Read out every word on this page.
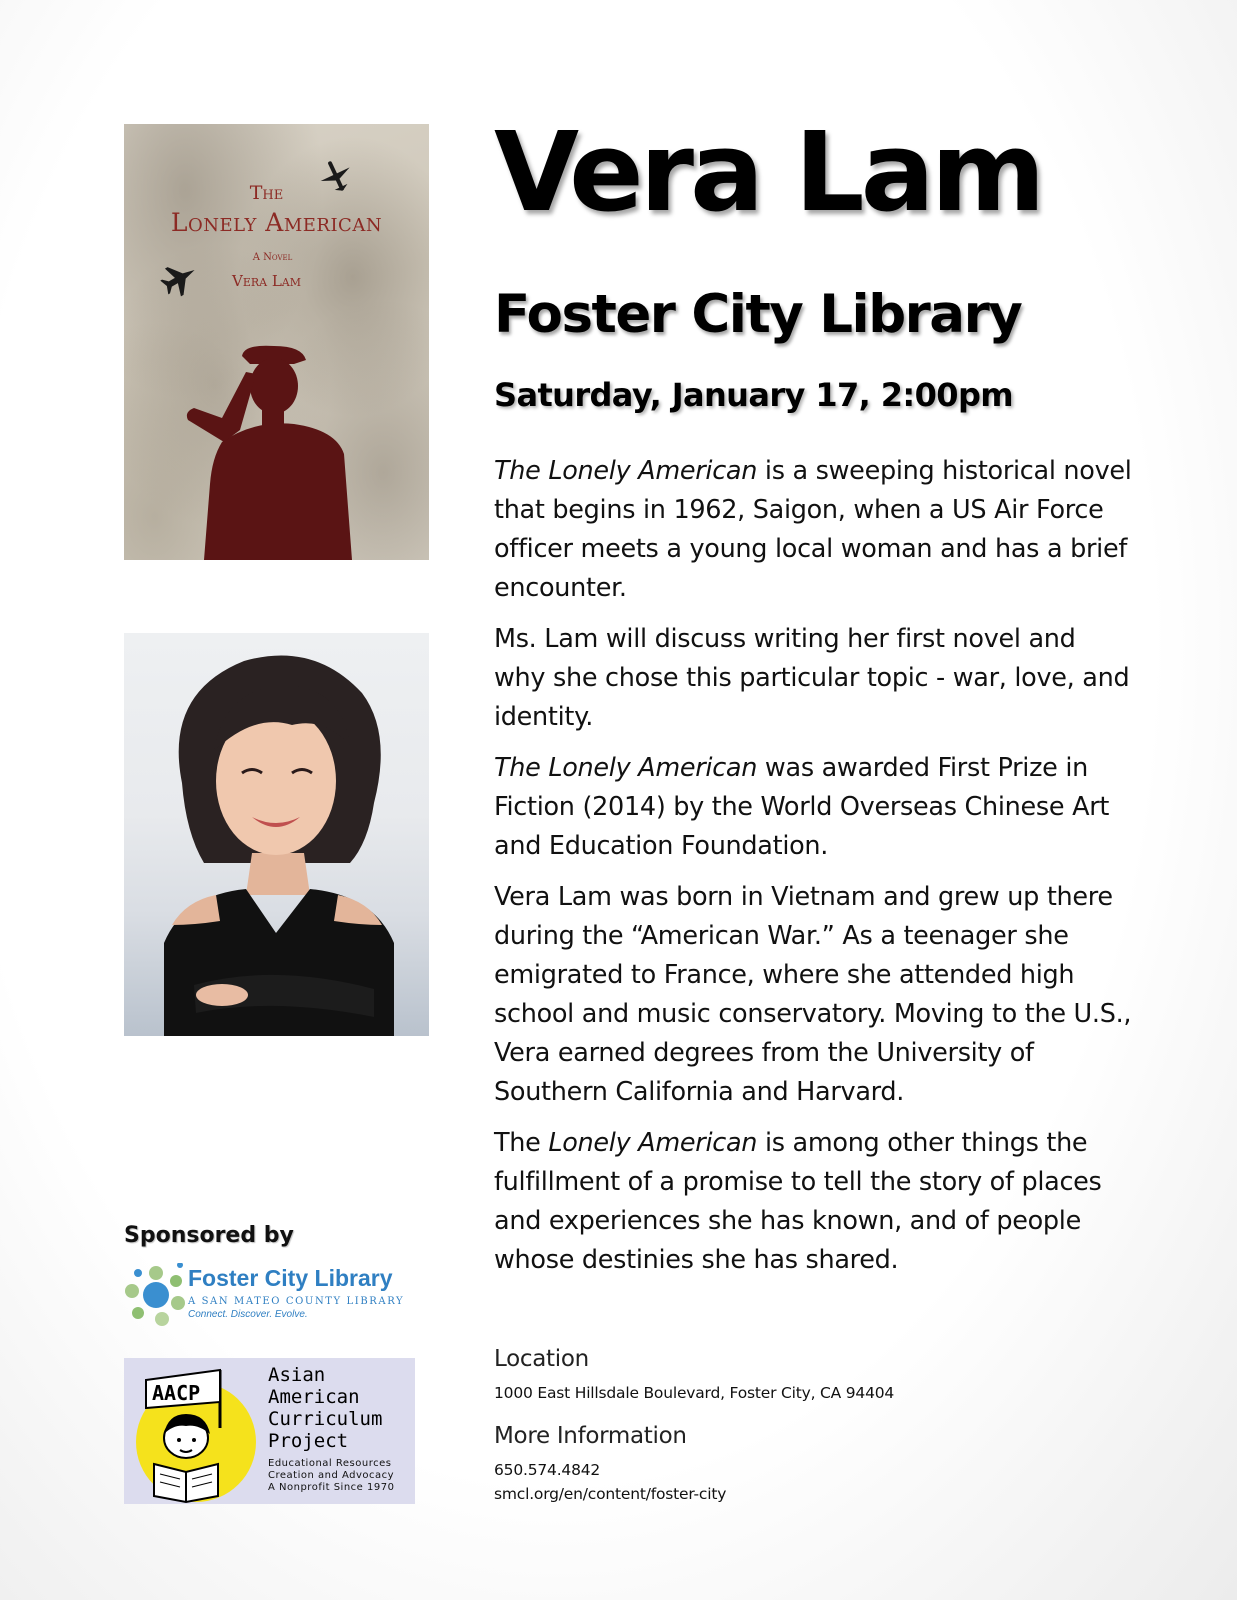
The
Lonely American
A Novel
Vera Lam
Sponsored by
Foster City Library
A SAN MATEO COUNTY LIBRARY
Connect. Discover. Evolve.
AACP
Asian
American
Curriculum
Project
Educational Resources
Creation and Advocacy
A Nonprofit Since 1970
Vera Lam
Foster City Library
Saturday, January 17, 2:00pm

The Lonely American is a sweeping historical novel that begins in 1962, Saigon, when a US Air Force officer meets a young local woman and has a brief encounter.

Ms. Lam will discuss writing her first novel and why she chose this particular topic - war, love, and identity.

The Lonely American was awarded First Prize in Fiction (2014) by the World Overseas Chinese Art and Education Foundation.

Vera Lam was born in Vietnam and grew up there during the “American War.” As a teenager she emigrated to France, where she attended high school and music conservatory. Moving to the U.S., Vera earned degrees from the University of Southern California and Harvard.

The Lonely American is among other things the fulfillment of a promise to tell the story of places and experiences she has known, and of people whose destinies she has shared.

Location
1000 East Hillsdale Boulevard, Foster City, CA 94404
More Information
650.574.4842
smcl.org/en/content/foster-city
